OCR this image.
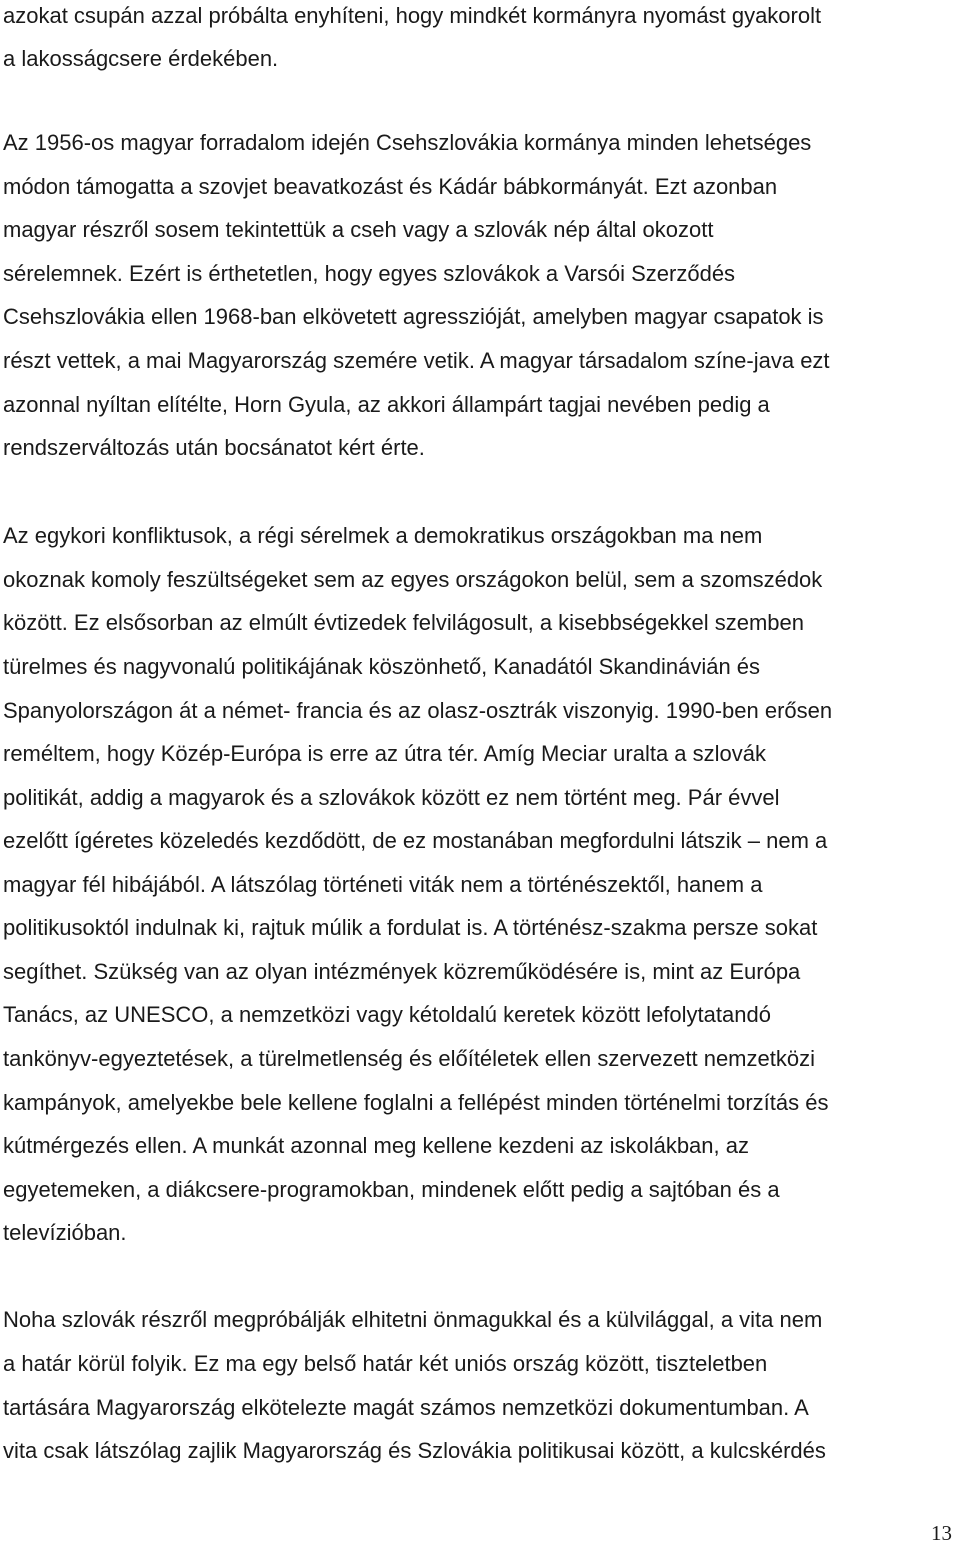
azokat csupán azzal próbálta enyhíteni, hogy mindkét kormányra nyomást gyakorolt
a lakosságcsere érdekében.
Az 1956-os magyar forradalom idején Csehszlovákia kormánya minden lehetséges
módon támogatta a szovjet beavatkozást és Kádár bábkormányát. Ezt azonban
magyar részről sosem tekintettük a cseh vagy a szlovák nép által okozott
sérelemnek. Ezért is érthetetlen, hogy egyes szlovákok a Varsói Szerződés
Csehszlovákia ellen 1968-ban elkövetett agresszióját, amelyben magyar csapatok is
részt vettek, a mai Magyarország szemére vetik. A magyar társadalom színe-java ezt
azonnal nyíltan elítélte, Horn Gyula, az akkori állampárt tagjai nevében pedig a
rendszerváltozás után bocsánatot kért érte.
Az egykori konfliktusok, a régi sérelmek a demokratikus országokban ma nem
okoznak komoly feszültségeket sem az egyes országokon belül, sem a szomszédok
között. Ez elsősorban az elmúlt évtizedek felvilágosult, a kisebbségekkel szemben
türelmes és nagyvonalú politikájának köszönhető, Kanadától Skandinávián és
Spanyolországon át a német- francia és az olasz-osztrák viszonyig. 1990-ben erősen
reméltem, hogy Közép-Európa is erre az útra tér. Amíg Meciar uralta a szlovák
politikát, addig a magyarok és a szlovákok között ez nem történt meg. Pár évvel
ezelőtt ígéretes közeledés kezdődött, de ez mostanában megfordulni látszik – nem a
magyar fél hibájából. A látszólag történeti viták nem a történészektől, hanem a
politikusoktól indulnak ki, rajtuk múlik a fordulat is. A történész-szakma persze sokat
segíthet. Szükség van az olyan intézmények közreműködésére is, mint az Európa
Tanács, az UNESCO, a nemzetközi vagy kétoldalú keretek között lefolytatandó
tankönyv-egyeztetések, a türelmetlenség és előítéletek ellen szervezett nemzetközi
kampányok, amelyekbe bele kellene foglalni a fellépést minden történelmi torzítás és
kútmérgezés ellen. A munkát azonnal meg kellene kezdeni az iskolákban, az
egyetemeken, a diákcsere-programokban, mindenek előtt pedig a sajtóban és a
televízióban.
Noha szlovák részről megpróbálják elhitetni önmagukkal és a külvilággal, a vita nem
a határ körül folyik. Ez ma egy belső határ két uniós ország között, tiszteletben
tartására Magyarország elkötelezte magát számos nemzetközi dokumentumban. A
vita csak látszólag zajlik Magyarország és Szlovákia politikusai között, a kulcskérdés
13
